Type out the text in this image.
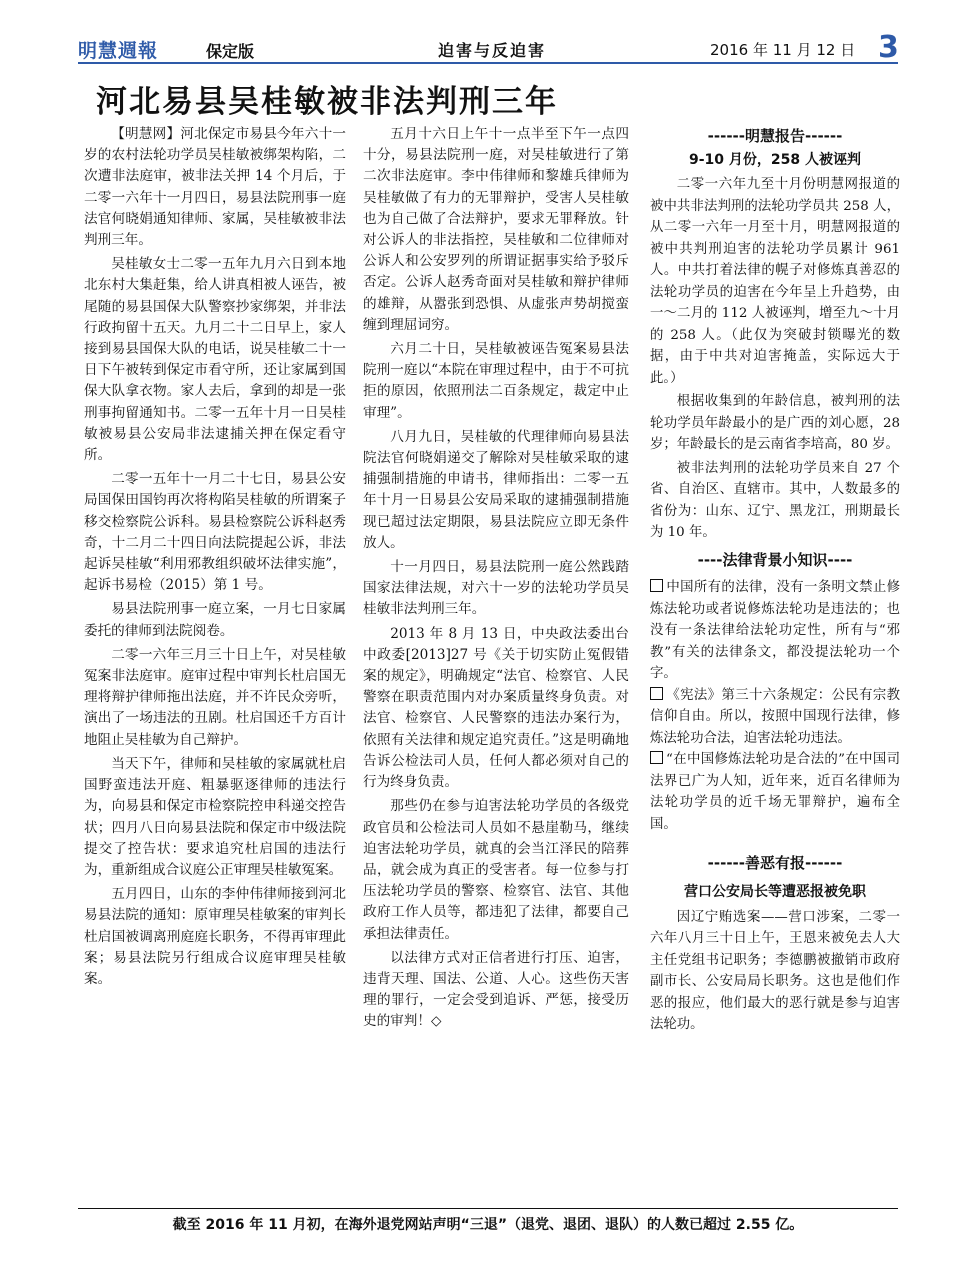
明慧週報	保定版	迫害与反迫害	2016 年 11 月 12 日 3
河北易县吴桂敏被非法判刑三年

【明慧网】河北保定市易县今年六十一岁的农村法轮功学员吴桂敏被绑架构陷，二次遭非法庭审，被非法关押 14 个月后，于二零一六年十一月四日，易县法院刑事一庭法官何晓娟通知律师、家属，吴桂敏被非法判刑三年。

吴桂敏女士二零一五年九月六日到本地北东村大集赶集，给人讲真相被人诬告，被尾随的易县国保大队警察抄家绑架，并非法行政拘留十五天。九月二十二日早上，家人接到易县国保大队的电话，说吴桂敏二十一日下午被转到保定市看守所，还让家属到国保大队拿衣物。家人去后，拿到的却是一张刑事拘留通知书。二零一五年十月一日吴桂敏被易县公安局非法逮捕关押在保定看守所。

二零一五年十一月二十七日，易县公安局国保田国钧再次将构陷吴桂敏的所谓案子移交检察院公诉科。易县检察院公诉科赵秀奇，十二月二十四日向法院提起公诉，非法起诉吴桂敏“利用邪教组织破坏法律实施”，起诉书易检（2015）第 1 号。

易县法院刑事一庭立案，一月七日家属委托的律师到法院阅卷。

二零一六年三月三十日上午，对吴桂敏冤案非法庭审。庭审过程中审判长杜启国无理将辩护律师拖出法庭，并不许民众旁听，演出了一场违法的丑剧。杜启国还千方百计地阻止吴桂敏为自己辩护。

当天下午，律师和吴桂敏的家属就杜启国野蛮违法开庭、粗暴驱逐律师的违法行为，向易县和保定市检察院控申科递交控告状；四月八日向易县法院和保定市中级法院提交了控告状：要求追究杜启国的违法行为，重新组成合议庭公正审理吴桂敏冤案。

五月四日，山东的李仲伟律师接到河北易县法院的通知：原审理吴桂敏案的审判长杜启国被调离刑庭庭长职务，不得再审理此案；易县法院另行组成合议庭审理吴桂敏案。

五月十六日上午十一点半至下午一点四十分，易县法院刑一庭，对吴桂敏进行了第二次非法庭审。李中伟律师和黎雄兵律师为吴桂敏做了有力的无罪辩护，受害人吴桂敏也为自己做了合法辩护，要求无罪释放。针对公诉人的非法指控，吴桂敏和二位律师对公诉人和公安罗列的所谓证据事实给予驳斥否定。公诉人赵秀奇面对吴桂敏和辩护律师的雄辩，从嚣张到恐惧、从虚张声势胡搅蛮缠到理屈词穷。

六月二十日，吴桂敏被诬告冤案易县法院刑一庭以“本院在审理过程中，由于不可抗拒的原因，依照刑法二百条规定，裁定中止审理”。

八月九日，吴桂敏的代理律师向易县法院法官何晓娟递交了解除对吴桂敏采取的逮捕强制措施的申请书，律师指出：二零一五年十月一日易县公安局采取的逮捕强制措施现已超过法定期限，易县法院应立即无条件放人。

十一月四日，易县法院刑一庭公然践踏国家法律法规，对六十一岁的法轮功学员吴桂敏非法判刑三年。

2013 年 8 月 13 日，中央政法委出台中政委[2013]27 号《关于切实防止冤假错案的规定》，明确规定“法官、检察官、人民警察在职责范围内对办案质量终身负责。对法官、检察官、人民警察的违法办案行为，依照有关法律和规定追究责任。”这是明确地告诉公检法司人员，任何人都必须对自己的行为终身负责。

那些仍在参与迫害法轮功学员的各级党政官员和公检法司人员如不悬崖勒马，继续迫害法轮功学员，就真的会当江泽民的陪葬品，就会成为真正的受害者。每一位参与打压法轮功学员的警察、检察官、法官、其他政府工作人员等，都违犯了法律，都要自己承担法律责任。

以法律方式对正信者进行打压、迫害，违背天理、国法、公道、人心。这些伤天害理的罪行，一定会受到追诉、严惩，接受历史的审判！◇

------明慧报告------

9-10 月份，258 人被诬判

二零一六年九至十月份明慧网报道的被中共非法判刑的法轮功学员共 258 人，从二零一六年一月至十月，明慧网报道的被中共判刑迫害的法轮功学员累计 961 人。中共打着法律的幌子对修炼真善忍的法轮功学员的迫害在今年呈上升趋势，由一～二月的 112 人被诬判，增至九～十月的 258 人。（此仅为突破封锁曝光的数据，由于中共对迫害掩盖，实际远大于此。）

根据收集到的年龄信息，被判刑的法轮功学员年龄最小的是广西的刘心愿，28 岁；年龄最长的是云南省李培高，80 岁。

被非法判刑的法轮功学员来自 27 个省、自治区、直辖市。其中，人数最多的省份为：山东、辽宁、黑龙江，刑期最长为 10 年。

----法律背景小知识----

中国所有的法律，没有一条明文禁止修炼法轮功或者说修炼法轮功是违法的；也没有一条法律给法轮功定性，所有与“邪教”有关的法律条文，都没提法轮功一个字。

《宪法》第三十六条规定：公民有宗教信仰自由。所以，按照中国现行法律，修炼法轮功合法，迫害法轮功违法。

“在中国修炼法轮功是合法的”在中国司法界已广为人知，近年来，近百名律师为法轮功学员的近千场无罪辩护，遍布全国。

------善恶有报------

营口公安局长等遭恶报被免职

因辽宁贿选案——营口涉案，二零一六年八月三十日上午，王恩来被免去人大主任党组书记职务；李德鹏被撤销市政府副市长、公安局局长职务。这也是他们作恶的报应，他们最大的恶行就是参与迫害法轮功。

截至 2016 年 11 月初，在海外退党网站声明“三退”（退党、退团、退队）的人数已超过 2.55 亿。
